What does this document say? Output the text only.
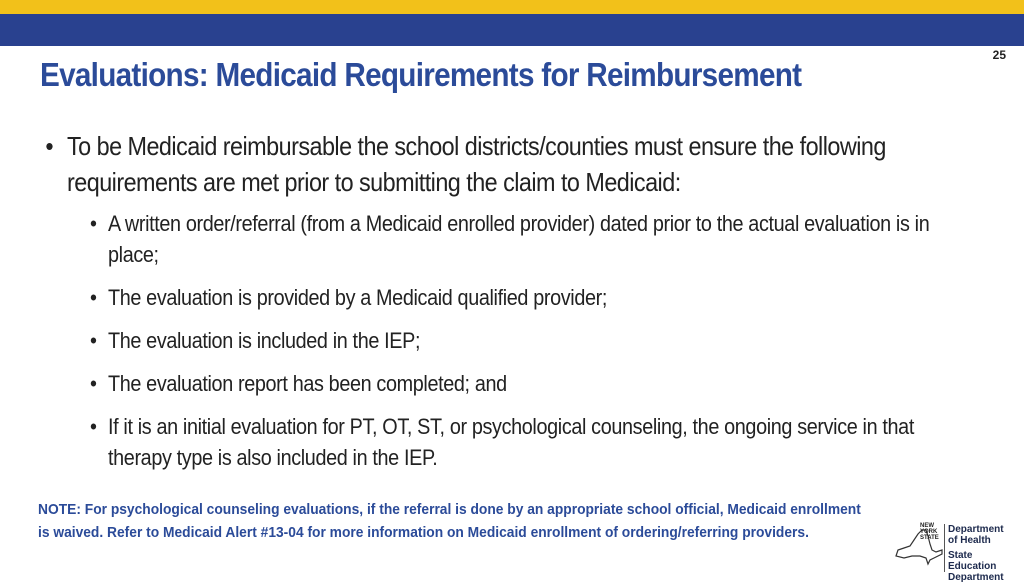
25
Evaluations: Medicaid Requirements for Reimbursement
• To be Medicaid reimbursable the school districts/counties must ensure the following requirements are met prior to submitting the claim to Medicaid:
• A written order/referral (from a Medicaid enrolled provider) dated prior to the actual evaluation is in place;
• The evaluation is provided by a Medicaid qualified provider;
• The evaluation is included in the IEP;
• The evaluation report has been completed; and
• If it is an initial evaluation for PT, OT, ST, or psychological counseling, the ongoing service in that therapy type is also included in the IEP.
NOTE: For psychological counseling evaluations, if the referral is done by an appropriate school official, Medicaid enrollment is waived. Refer to Medicaid Alert #13-04 for more information on Medicaid enrollment of ordering/referring providers.	NEW
YORK
STATE
Department
of Health
State Education
Department
